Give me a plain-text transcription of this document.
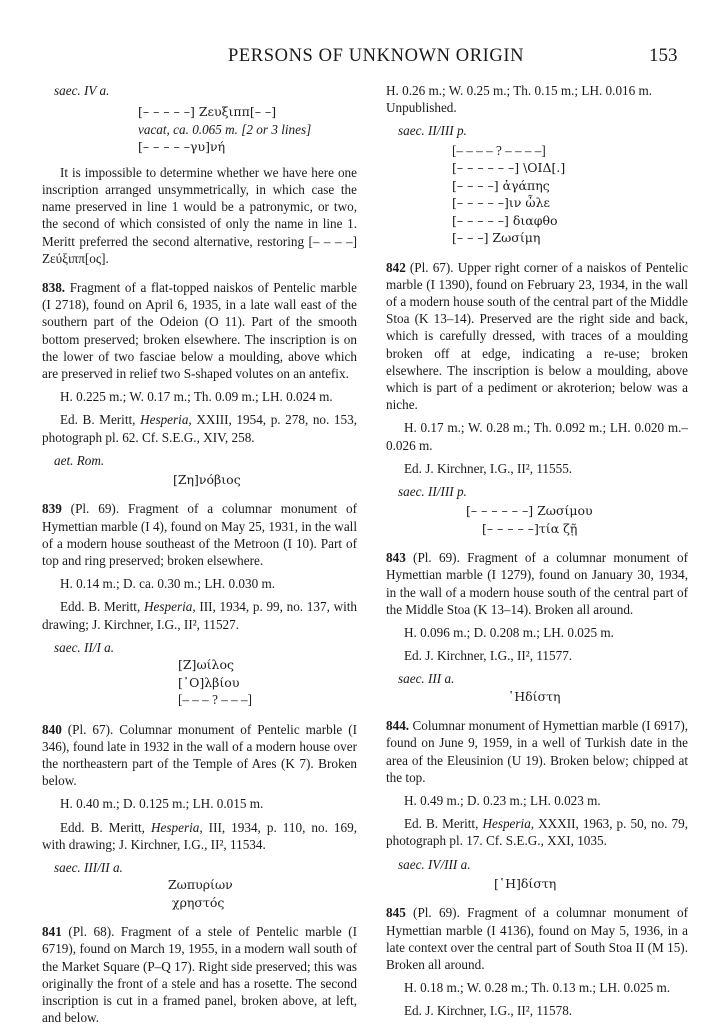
PERSONS OF UNKNOWN ORIGIN	153
saec. IV a.
[– – – – –] Ζευξιππ[– –]
vacat, ca. 0.065 m. [2 or 3 lines]
[– – – – –γυ]νή

It is impossible to determine whether we have here one inscription arranged unsymmetrically, in which case the name preserved in line 1 would be a patronymic, or two, the second of which consisted of only the name in line 1. Meritt preferred the second alternative, restoring [– – – –] Ζεύξιππ[ος].

838. Fragment of a flat-topped naiskos of Pentelic marble (I 2718), found on April 6, 1935, in a late wall east of the southern part of the Odeion (O 11). Part of the smooth bottom preserved; broken elsewhere. The inscription is on the lower of two fasciae below a moulding, above which are preserved in relief two S-shaped volutes on an antefix.

H. 0.225 m.; W. 0.17 m.; Th. 0.09 m.; LH. 0.024 m.

Ed. B. Meritt, Hesperia, XXIII, 1954, p. 278, no. 153, photograph pl. 62. Cf. S.E.G., XIV, 258.

aet. Rom.
[Ζη]νόβιος

839 (Pl. 69). Fragment of a columnar monument of Hymettian marble (I 4), found on May 25, 1931, in the wall of a modern house southeast of the Metroon (I 10). Part of top and ring preserved; broken elsewhere.

H. 0.14 m.; D. ca. 0.30 m.; LH. 0.030 m.

Edd. B. Meritt, Hesperia, III, 1934, p. 99, no. 137, with drawing; J. Kirchner, I.G., II², 11527.

saec. II/I a.
[Ζ]ωίλος
[᾿Ο]λβίου
[– – – ? – – –]

840 (Pl. 67). Columnar monument of Pentelic marble (I 346), found late in 1932 in the wall of a modern house over the northeastern part of the Temple of Ares (K 7). Broken below.

H. 0.40 m.; D. 0.125 m.; LH. 0.015 m.

Edd. B. Meritt, Hesperia, III, 1934, p. 110, no. 169, with drawing; J. Kirchner, I.G., II², 11534.

saec. III/II a.
Ζωπυρίων
χρηστός

841 (Pl. 68). Fragment of a stele of Pentelic marble (I 6719), found on March 19, 1955, in a modern wall south of the Market Square (P–Q 17). Right side preserved; this was originally the front of a stele and has a rosette. The second inscription is cut in a framed panel, broken above, at left, and below.

H. 0.26 m.; W. 0.25 m.; Th. 0.15 m.; LH. 0.016 m.

Unpublished.

saec. II/III p.
[– – – – ? – – – –]
[– – – – – –] \ΟΙΔ[.]
[– – – –] ἀγάπης
[– – – – –]ιν ὦλε
[– – – – –] διαφθο
[– – –] Ζωσίμη

842 (Pl. 67). Upper right corner of a naiskos of Pentelic marble (I 1390), found on February 23, 1934, in the wall of a modern house south of the central part of the Middle Stoa (K 13–14). Preserved are the right side and back, which is carefully dressed, with traces of a moulding broken off at edge, indicating a re-use; broken elsewhere. The inscription is below a moulding, above which is part of a pediment or akroterion; below was a niche.

H. 0.17 m.; W. 0.28 m.; Th. 0.092 m.; LH. 0.020 m.–0.026 m.

Ed. J. Kirchner, I.G., II², 11555.

saec. II/III p.
[– – – – – –] Ζωσίμου
[– – – – –]τία ζῇ

843 (Pl. 69). Fragment of a columnar monument of Hymettian marble (I 1279), found on January 30, 1934, in the wall of a modern house south of the central part of the Middle Stoa (K 13–14). Broken all around.

H. 0.096 m.; D. 0.208 m.; LH. 0.025 m.

Ed. J. Kirchner, I.G., II², 11577.

saec. III a.
῾Ηδίστη

844. Columnar monument of Hymettian marble (I 6917), found on June 9, 1959, in a well of Turkish date in the area of the Eleusinion (U 19). Broken below; chipped at the top.

H. 0.49 m.; D. 0.23 m.; LH. 0.023 m.

Ed. B. Meritt, Hesperia, XXXII, 1963, p. 50, no. 79, photograph pl. 17. Cf. S.E.G., XXI, 1035.

saec. IV/III a.
[῾Η]δίστη

845 (Pl. 69). Fragment of a columnar monument of Hymettian marble (I 4136), found on May 5, 1936, in a late context over the central part of South Stoa II (M 15). Broken all around.

H. 0.18 m.; W. 0.28 m.; Th. 0.13 m.; LH. 0.025 m.

Ed. J. Kirchner, I.G., II², 11578.
